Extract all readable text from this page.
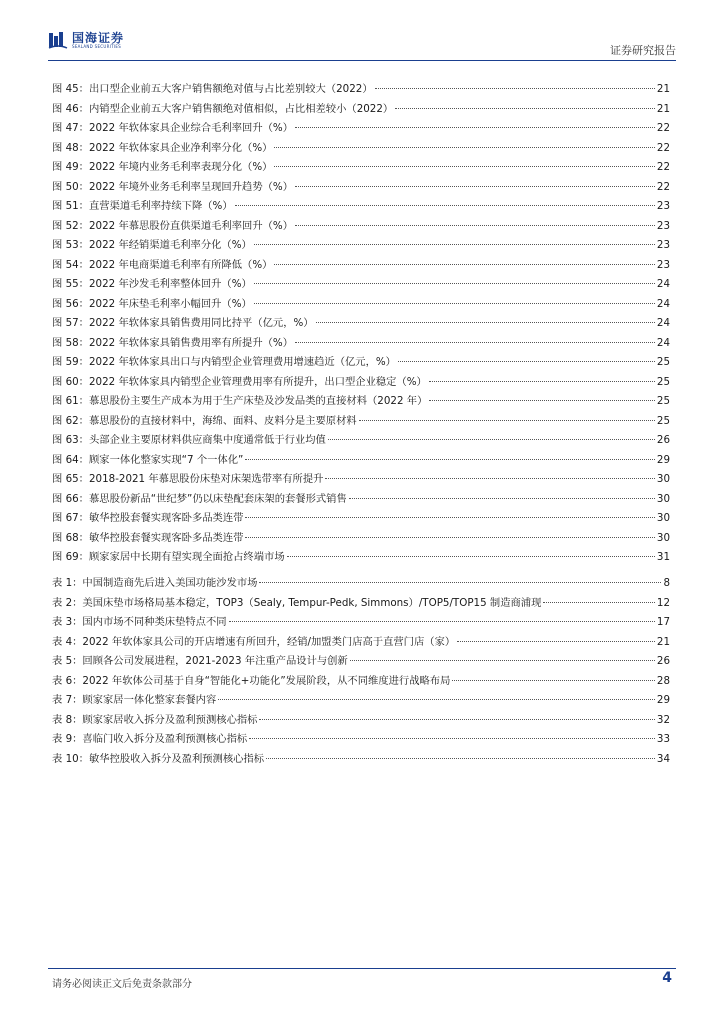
国海证券
SEALAND SECURITIES	证券研究报告
图 45： 出口型企业前五大客户销售额绝对值与占比差别较大（2022）	21
图 46： 内销型企业前五大客户销售额绝对值相似，占比相差较小（2022）	21
图 47： 2022 年软体家具企业综合毛利率回升（%）	22
图 48： 2022 年软体家具企业净利率分化（%）	22
图 49： 2022 年境内业务毛利率表现分化（%）	22
图 50： 2022 年境外业务毛利率呈现回升趋势（%）	22
图 51： 直营渠道毛利率持续下降（%）	23
图 52： 2022 年慕思股份直供渠道毛利率回升（%）	23
图 53： 2022 年经销渠道毛利率分化（%）	23
图 54： 2022 年电商渠道毛利率有所降低（%）	23
图 55： 2022 年沙发毛利率整体回升（%）	24
图 56： 2022 年床垫毛利率小幅回升（%）	24
图 57： 2022 年软体家具销售费用同比持平（亿元，%）	24
图 58： 2022 年软体家具销售费用率有所提升（%）	24
图 59： 2022 年软体家具出口与内销型企业管理费用增速趋近（亿元，%）	25
图 60： 2022 年软体家具内销型企业管理费用率有所提升，出口型企业稳定（%）	25
图 61： 慕思股份主要生产成本为用于生产床垫及沙发品类的直接材料（2022 年）	25
图 62： 慕思股份的直接材料中，海绵、面料、皮料分是主要原材料	25
图 63： 头部企业主要原材料供应商集中度通常低于行业均值	26
图 64： 顾家一体化整家实现“7 个一体化”	29
图 65： 2018-2021 年慕思股份床垫对床架选带率有所提升	30
图 66： 慕思股份新品“世纪梦”仍以床垫配套床架的套餐形式销售	30
图 67： 敏华控股套餐实现客卧多品类连带	30
图 68： 敏华控股套餐实现客卧多品类连带	30
图 69： 顾家家居中长期有望实现全面抢占终端市场	31
表 1： 中国制造商先后进入美国功能沙发市场	8
表 2： 美国床垫市场格局基本稳定，TOP3（Sealy, Tempur-Pedk, Simmons）/TOP5/TOP15 制造商浦现	12
表 3： 国内市场不同种类床垫特点不同	17
表 4： 2022 年软体家具公司的开店增速有所回升，经销/加盟类门店高于直营门店（家）	21
表 5： 回顾各公司发展进程，2021-2023 年注重产品设计与创新	26
表 6： 2022 年软体公司基于自身“智能化+功能化”发展阶段，从不同维度进行战略布局	28
表 7： 顾家家居一体化整家套餐内容	29
表 8： 顾家家居收入拆分及盈利预测核心指标	32
表 9： 喜临门收入拆分及盈利预测核心指标	33
表 10： 敏华控股收入拆分及盈利预测核心指标	34
请务必阅读正文后免责条款部分	4
